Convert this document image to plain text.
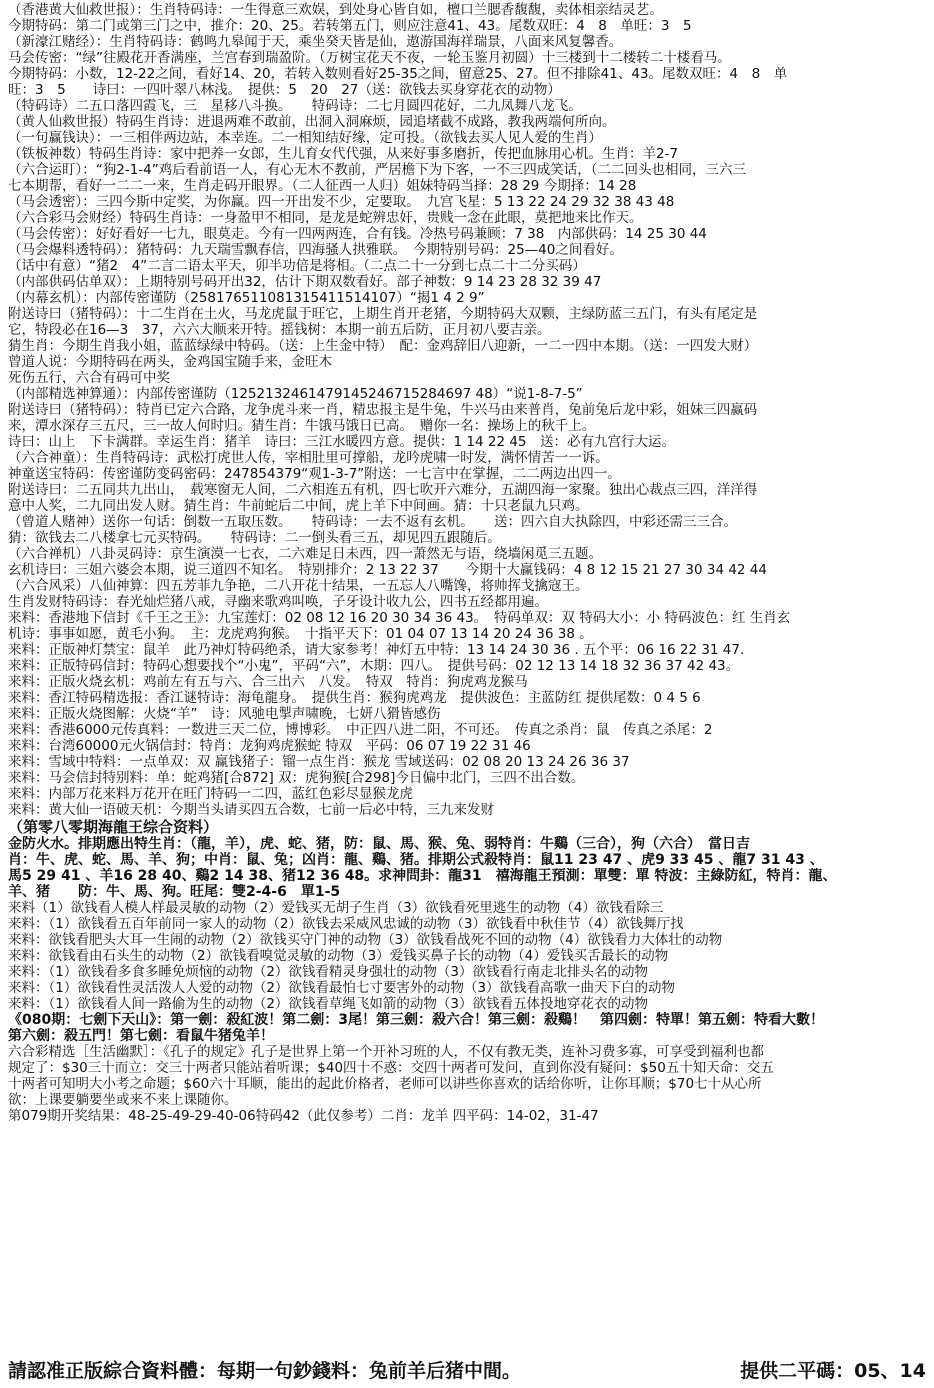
（香港黄大仙救世报）：生肖特码诗：一生得意三欢娱，到处身心皆自如，檀口兰腮香馥馥，卖体相亲结灵艺。
今期特码：第二门或第三门之中，推介：20、25。若转第五门，则应注意41、43。尾数双旺：4　8　单旺：3　5
（新濠江赌经）：生肖特码诗：鹤鸣九皋闻于天，乘坐癸天皆是仙，遨游国海祥瑞景，八面来风复馨香。
马会传密：“绿”往殿花开香满座，兰宫春到瑞盈阶。（万树宝花天不夜，一轮玉鉴月初圆）十三楼到十二楼转二十楼看马。
今期特码：小数，12-22之间，看好14、20，若转入数则看好25-35之间，留意25、27。但不排除41、43。尾数双旺：4　8　单
旺：3　5　　诗曰：一四叶翠八林浅。　提供：5　20　27（送：欲钱去买身穿花衣的动物）
（特码诗）二五口落四霞飞，三　星移八斗换。　　特码诗：二七月圆四花好，二九凤舞八龙飞。
（黄人仙救世报）特码生肖诗：进退两难不敢前，出洞入洞麻烦，园追堵截不成路，教我两端何所向。
（一句赢钱诀）：一三相伴两边站，本幸连。二一相知结好缘，定可投。（欲钱去买人见人爱的生肖）
（铁板神数）特码生肖诗：家中把养一女郎，生儿育女代代强，从来好事多磨折，传把血脉用心机。生肖：羊2-7
（六合运盯）：“狗2-1-4”鸡后看前语一人，有心无木不教前，严居檐下为下客，一不三四成笑话，（二二回头也相同，三六三
七本期帮，看好一二二一来，生肖走码开眼界。（二人征西一人归）姐妹特码当择：28 29 今期择：14 28
（马会透密）：三四今斯中定奖，为你赢。四一开出发不少，定要取。　九宫飞星：5 13 22 24 29 32 38 43 48
（六合彩马会财经）特码生肖诗：一身盈甲不相同，是龙是蛇辨忠奸，贵贱一念在此眼，莫把地来比作天。
（马会传密）：好好看好一七九，眼莫走。今有一四两两连，合有钱。冷热号码兼顾：7 38　内部供码：14 25 30 44
（马会爆料透特码）：猪特码：九天瑞雪飘春信，四海骚人拱雅联。　今期特别号码：25—40之间看好。
（话中有意）“猪2　4”二言二语太平天，卯半功倍是将相。（二点二十一分到七点二十二分买码）
（内部供码估单双）：上期特别号码开出32，估计下期双数看好。部子神数：9 14 23 28 32 39 47
（内幕玄机）：内部传密谨防（258176511081315411514107）“揭1 4 2 9”
附送诗曰（猪特码）：十二生肖在土火，马龙虎鼠于旺它，上期生肖开老猪，今期特码大双颗，主绿防蓝三五门，有头有尾定是
它，特段必在16—3　37，六六大顺来开特。摇钱树：本期一前五后防，正月初八要吉亲。
猜生肖：今期生肖我小姐，蓝蓝绿绿中特码。（送：上生金中特）　配：金鸡辞旧八迎新，一二一四中本期。（送：一四发大财）
曾道人说：今期特码在两头，金鸡国宝随手来，金旺木
死伤五行，六合有码可中奖
（内部精选神算通）：内部传密谨防（1252132461479145246715284697 48）“说1-8-7-5”
附送诗曰（猪特码）：特肖已定六合路，龙争虎斗来一肖，精忠报主是牛兔，牛兴马由来普肖，兔前兔后龙中彩，姐妹三四赢码
来，潭水深存三五尺，三一故人何时归。猜生肖：牛饿马饿日已高。　赠你一名：操场上的秋千上。
诗曰：山上　下卡满群。幸运生肖：猪羊　诗曰：三江水暖四方意。提供：1 14 22 45　送：必有九宫行大运。
（六合神童）：生肖特码诗：武松打虎世人传，宰相肚里可撑船，龙吟虎啸一时发，满怀情苦一一诉。
神童送宝特码：传密谨防变码密码：247854379“观1-3-7”附送：一七言中在掌握，二二两边出四一。
附送诗曰：二五同共九出山，　载寒窗无人间，二六相连五有机，四七吹开六难分，五湖四海一家聚。独出心裁点三四，洋洋得
意中人奖，二九同出发人财。猜生肖：牛前蛇后二中间，虎上羊下中间画。猜：十只老鼠九只鸡。
（曾道人赌神）送你一句话：倒数一五取压数。　　特码诗：一去不返有玄机。　　送：四六自大执除四，中彩还需三三合。
猜：欲钱去二八楼拿七元买特码。　　特码诗：二一倒头看三五，却见四五跟随后。
（六合禅机）八卦灵码诗：京生演漠一七衣，二六难足日未西，四一萧然无与语，绕墙闲觅三五题。
玄机诗曰：三姐六婆会本期，说三道四不知名。　特别排介：2 13 22 37　　今期十大赢钱码：4 8 12 15 21 27 30 34 42 44
（六合风采）八仙神算：四五芳菲九争艳，二八开花十结果，一五忘人八嘴馋，将帅挥戈擒寇王。
生肖发财特码诗：春光灿烂猪八戒，寻幽来歌鸡叫唤，子牙设计收九公，四书五经都用遍。
来料：香港地下信封《千王之王》：九宝莲灯：02 08 12 16 20 30 34 36 43。　特码单双：双 特码大小：小 特码波色：红 生肖玄
机诗：事事如愿，黄毛小狗。　主：龙虎鸡狗猴。　十指平天下：01 04 07 13 14 20 24 36 38 。
来料：正版神灯禁宝：鼠羊　此乃神灯特码绝杀，请大家参考！神灯五中特：13 14 24 30 36 . 五个平：06 16 22 31 47.
来料：正版特码信封：特码心想要找个“小鬼”，平码“六”，木期：四八。　提供号码：02 12 13 14 18 32 36 37 42 43。
来料：正版火烧玄机：鸡前左有五与六、合三出六　八发。　特双　特肖：狗虎鸡龙猴马
来料：香江特码精选报：香江谜特诗：海龟龍身。　提供生肖：猴狗虎鸡龙　提供波色：主蓝防红 提供尾数：0 4 5 6
来料：正版火烧图解：火烧“羊”　诗：风驰电掣声啸晚，七妍八猾皆感伤
来料：香港6000元传真料：一数进三天二位，博博彩。　中正四八进二阳，不可还。　传真之杀肖：鼠　传真之杀尾：2
来料：台湾60000元火锅信封：特肖：龙狗鸡虎猴蛇 特双　平码：06 07 19 22 31 46
来料：雪域中特料：一点单双：双 赢钱猪子：镏一点生肖：猴龙 雪域送码：02 08 20 13 24 26 36 37
来料：马会信封特别料：单：蛇鸡猪[合872] 双：虎狗猴[合298]今日偏中北门，三四不出合数。
来料：内部万花来料万花开在旺门特码一二四，蓝红色彩尽显猴龙虎
来料：黄大仙一语破天机：今期当头请买四五合数，七前一后必中特，三九来发财
（第零八零期海龍王综合资料）
金防火水。排期應出特生肖：（龍，羊），虎、蛇、猪，防：鼠、馬、猴、兔、弱特肖：牛鷄（三合），狗（六合）　當日吉
肖：牛、虎、蛇、馬、羊、狗；中肖：鼠、兔；凶肖：龍、鷄、猪。排期公式殺特肖：鼠11 23 47 、虎9 33 45 、龍7 31 43 、
馬5 29 41 、羊16 28 40、鷄2 14 38、猪12 36 48。求神問卦：龍31　禧海龍王預測：單雙：單 特波：主綠防紅，特肖：龍、
羊、猪　　防：牛、馬、狗。旺尾：雙2-4-6　單1-5
来料（1）欲钱看人模人样最灵敏的动物（2）爱钱买无胡子生肖（3）欲钱看死里逃生的动物（4）欲钱看除三
来料：（1）欲钱看五百年前同一家人的动物（2）欲钱去采威风忠诚的动物（3）欲钱看中秋佳节（4）欲钱舞厅找
来料：欲钱看肥头大耳一生闹的动物（2）欲钱买守门神的动物（3）欲钱看战死不回的动物（4）欲钱看力大体壮的动物
来料：欲钱看由石头生的动物（2）欲钱看嗅觉灵敏的动物（3）爱钱买鼻子长的动物（4）爱钱买舌最长的动物
来料：（1）欲钱看多食多睡免烦恼的动物（2）欲钱看精灵身强壮的动物（3）欲钱看行南走北排头名的动物
来料：（1）欲钱看性灵活泼人人爱的动物（2）欲钱看最怕七寸要害外的动物（3）欲钱看高歌一曲天下白的动物
来料：（1）欲钱看人间一路偷为生的动物（2）欲钱看草绳飞如箭的动物（3）欲钱看五体投地穿花衣的动物
《080期：七劍下天山》：第一劍：殺紅波！第二劍：3尾！第三劍：殺六合！第三劍：殺鷄！　第四劍：特單！第五劍：特看大數！
第六劍：殺五門！第七劍：看鼠牛猪兔羊！
六合彩精选［生活幽默］：《孔子的规定》孔子是世界上第一个开补习班的人，不仅有教无类，连补习费多寡，可享受到福利也都
规定了：$30三十而立：交三十两者只能站着听课；$40四十不惑：交四十两者可发问，直到你没有疑问：$50五十知天命：交五
十两者可知明大小考之命题；$60六十耳顺，能出的起此价格者，老师可以讲些你喜欢的话给你听，让你耳顺；$70七十从心所
欲：上课要躺要坐或来不来上课随你。
第079期开奖结果：48-25-49-29-40-06特码42（此仅参考）二肖：龙羊 四平码：14-02，31-47
請認准正版綜合資料體：每期一句鈔錢料：兔前羊后猪中間。	提供二平碼：05、14
